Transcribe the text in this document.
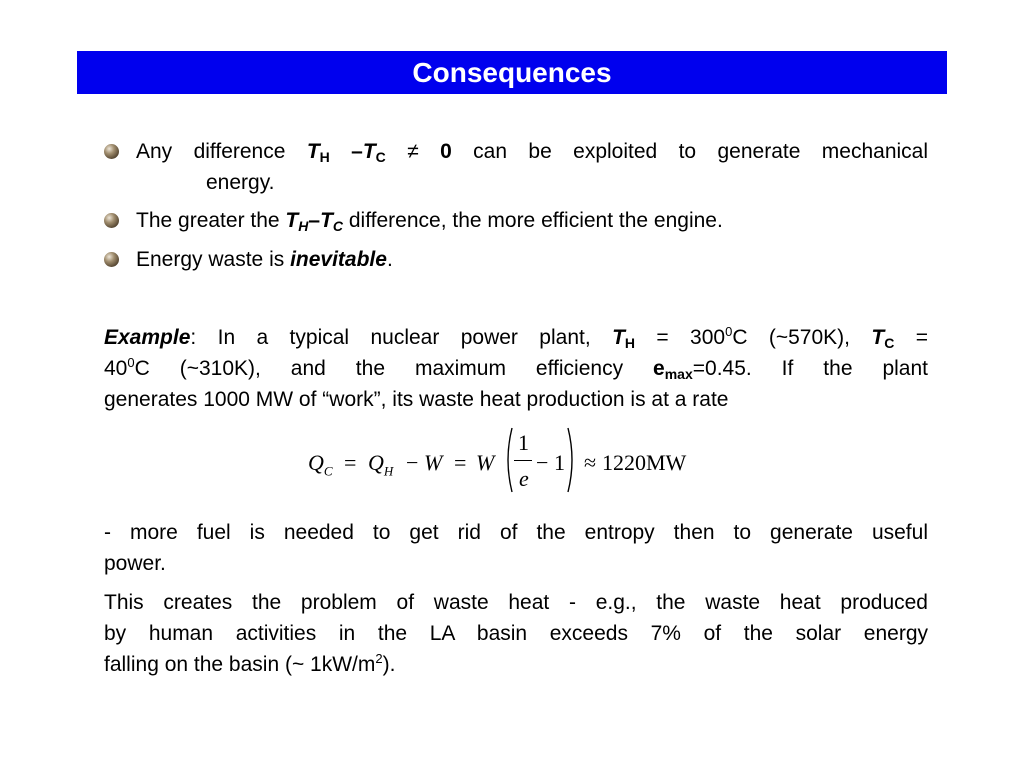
Consequences
Any difference $T_H$ $-T_C \ne 0$ can be exploited to generate mechanical
energy.
The greater the $T_H-T_C$ difference, the more efficient the engine.
Energy waste is inevitable.
Example: In a typical nuclear power plant, $T_H = 300^0C$ (~570K), $T_C$ =
$40^0C$ (~310K), and the maximum efficiency $e_{max}=0.45$. If the plant
generates 1000 MW of “work”, its waste heat production is at a rate
$Q_C = Q_H - W = W$
1
e
− 1 ≈ 1220MW
- more fuel is needed to get rid of the entropy then to generate useful
power.
This creates the problem of waste heat - e.g., the waste heat produced
by human activities in the LA basin exceeds 7% of the solar energy
falling on the basin (~ $1kW/m^2$).
